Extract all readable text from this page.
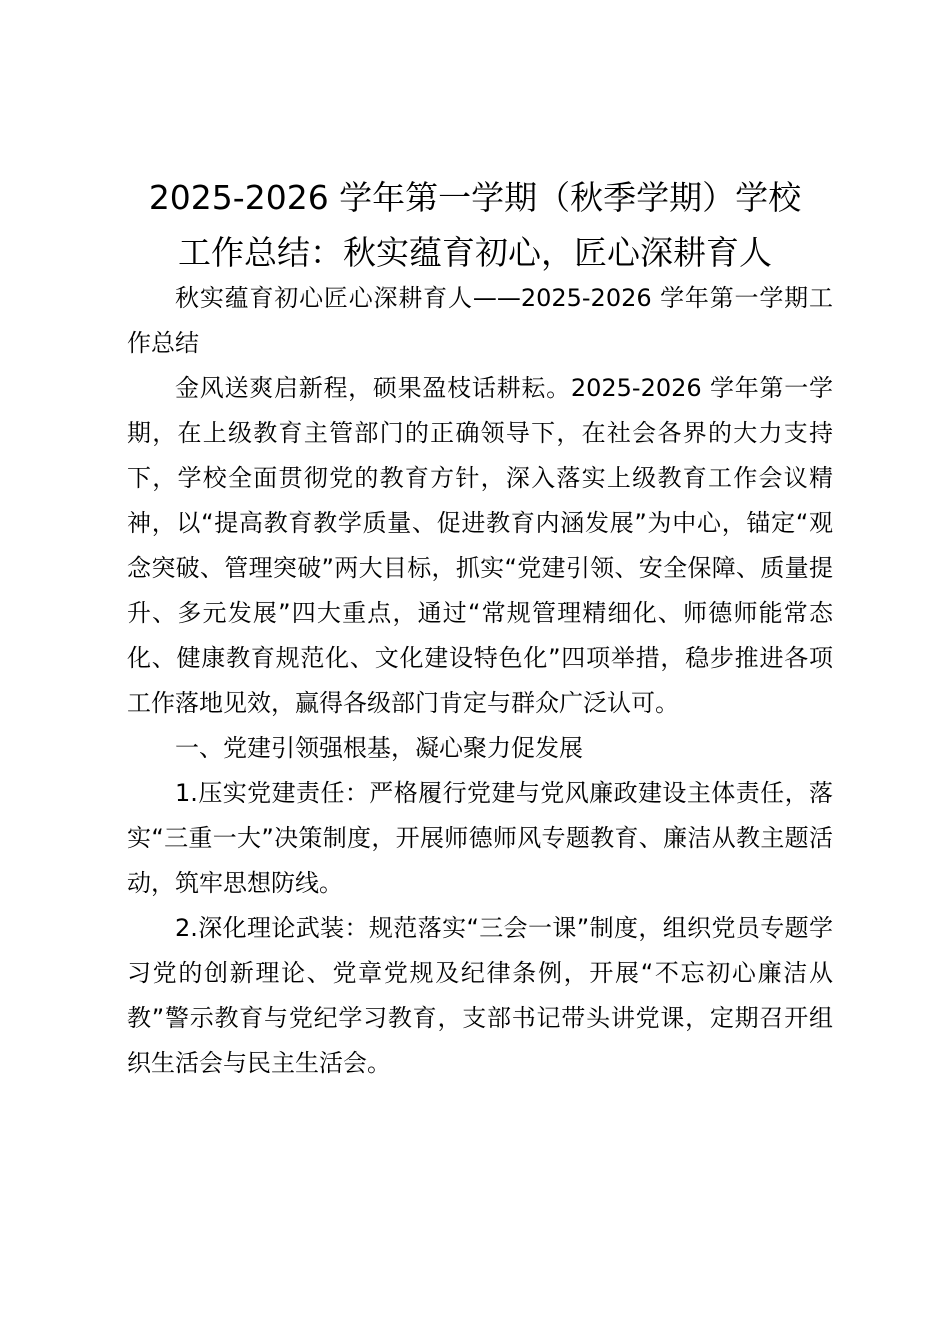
2025-2026 学年第一学期（秋季学期）学校
工作总结：秋实蕴育初心，匠心深耕育人

秋实蕴育初心匠心深耕育人——2025-2026 学年第一学期工作总结

金风送爽启新程，硕果盈枝话耕耘。2025-2026 学年第一学期，在上级教育主管部门的正确领导下，在社会各界的大力支持下，学校全面贯彻党的教育方针，深入落实上级教育工作会议精神，以“提高教育教学质量、促进教育内涵发展”为中心，锚定“观念突破、管理突破”两大目标，抓实“党建引领、安全保障、质量提升、多元发展”四大重点，通过“常规管理精细化、师德师能常态化、健康教育规范化、文化建设特色化”四项举措，稳步推进各项工作落地见效，赢得各级部门肯定与群众广泛认可。

一、党建引领强根基，凝心聚力促发展

1.压实党建责任：严格履行党建与党风廉政建设主体责任，落实“三重一大”决策制度，开展师德师风专题教育、廉洁从教主题活动，筑牢思想防线。

2.深化理论武装：规范落实“三会一课”制度，组织党员专题学习党的创新理论、党章党规及纪律条例，开展“不忘初心廉洁从教”警示教育与党纪学习教育，支部书记带头讲党课，定期召开组织生活会与民主生活会。
